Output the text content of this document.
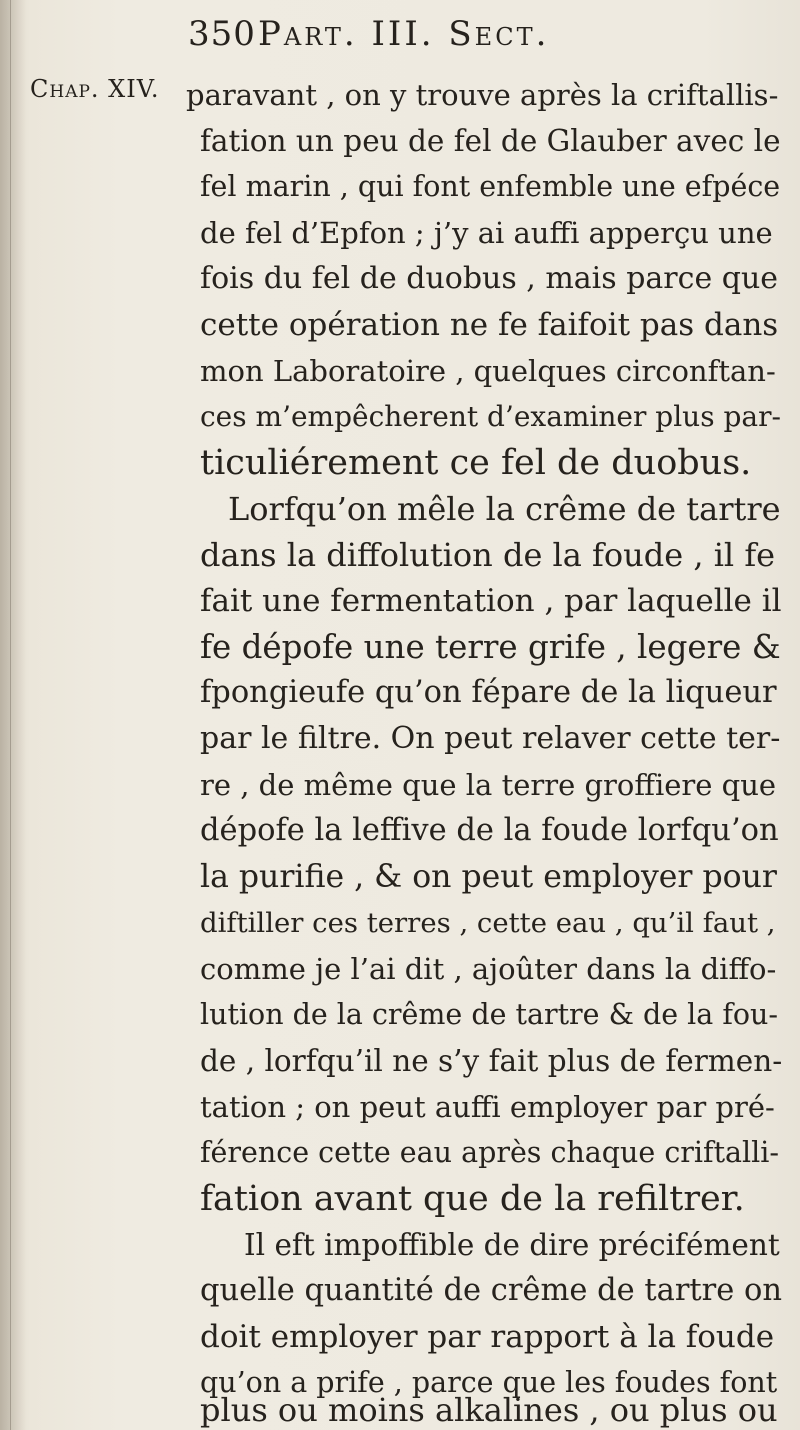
350 Part. III. Sect.
Chap. XIV. paravant , on y trouve après la criftallis-
fation un peu de fel de Glauber avec le
fel marin , qui font enfemble une efpéce
de fel d’Epfon ; j’y ai auffi apperçu une
fois du fel de duobus , mais parce que
cette opération ne fe faifoit pas dans
mon Laboratoire , quelques circonftan-
ces m’empêcherent d’examiner plus par-
ticuliérement ce fel de duobus.
Lorfqu’on mêle la crême de tartre
dans la diffolution de la foude , il fe
fait une fermentation , par laquelle il
fe dépofe une terre grife , legere &
fpongieufe qu’on fépare de la liqueur
par le filtre. On peut relaver cette ter-
re , de même que la terre groffiere que
dépofe la leffive de la foude lorfqu’on
la purifie , & on peut employer pour
diftiller ces terres , cette eau , qu’il faut ,
comme je l’ai dit , ajoûter dans la diffo-
lution de la crême de tartre & de la fou-
de , lorfqu’il ne s’y fait plus de fermen-
tation ; on peut auffi employer par pré-
férence cette eau après chaque criftalli-
fation avant que de la refiltrer.
Il eft impoffible de dire précifément
quelle quantité de crême de tartre on
doit employer par rapport à la foude
qu’on a prife , parce que les foudes font
plus ou moins alkalines , ou plus ou
